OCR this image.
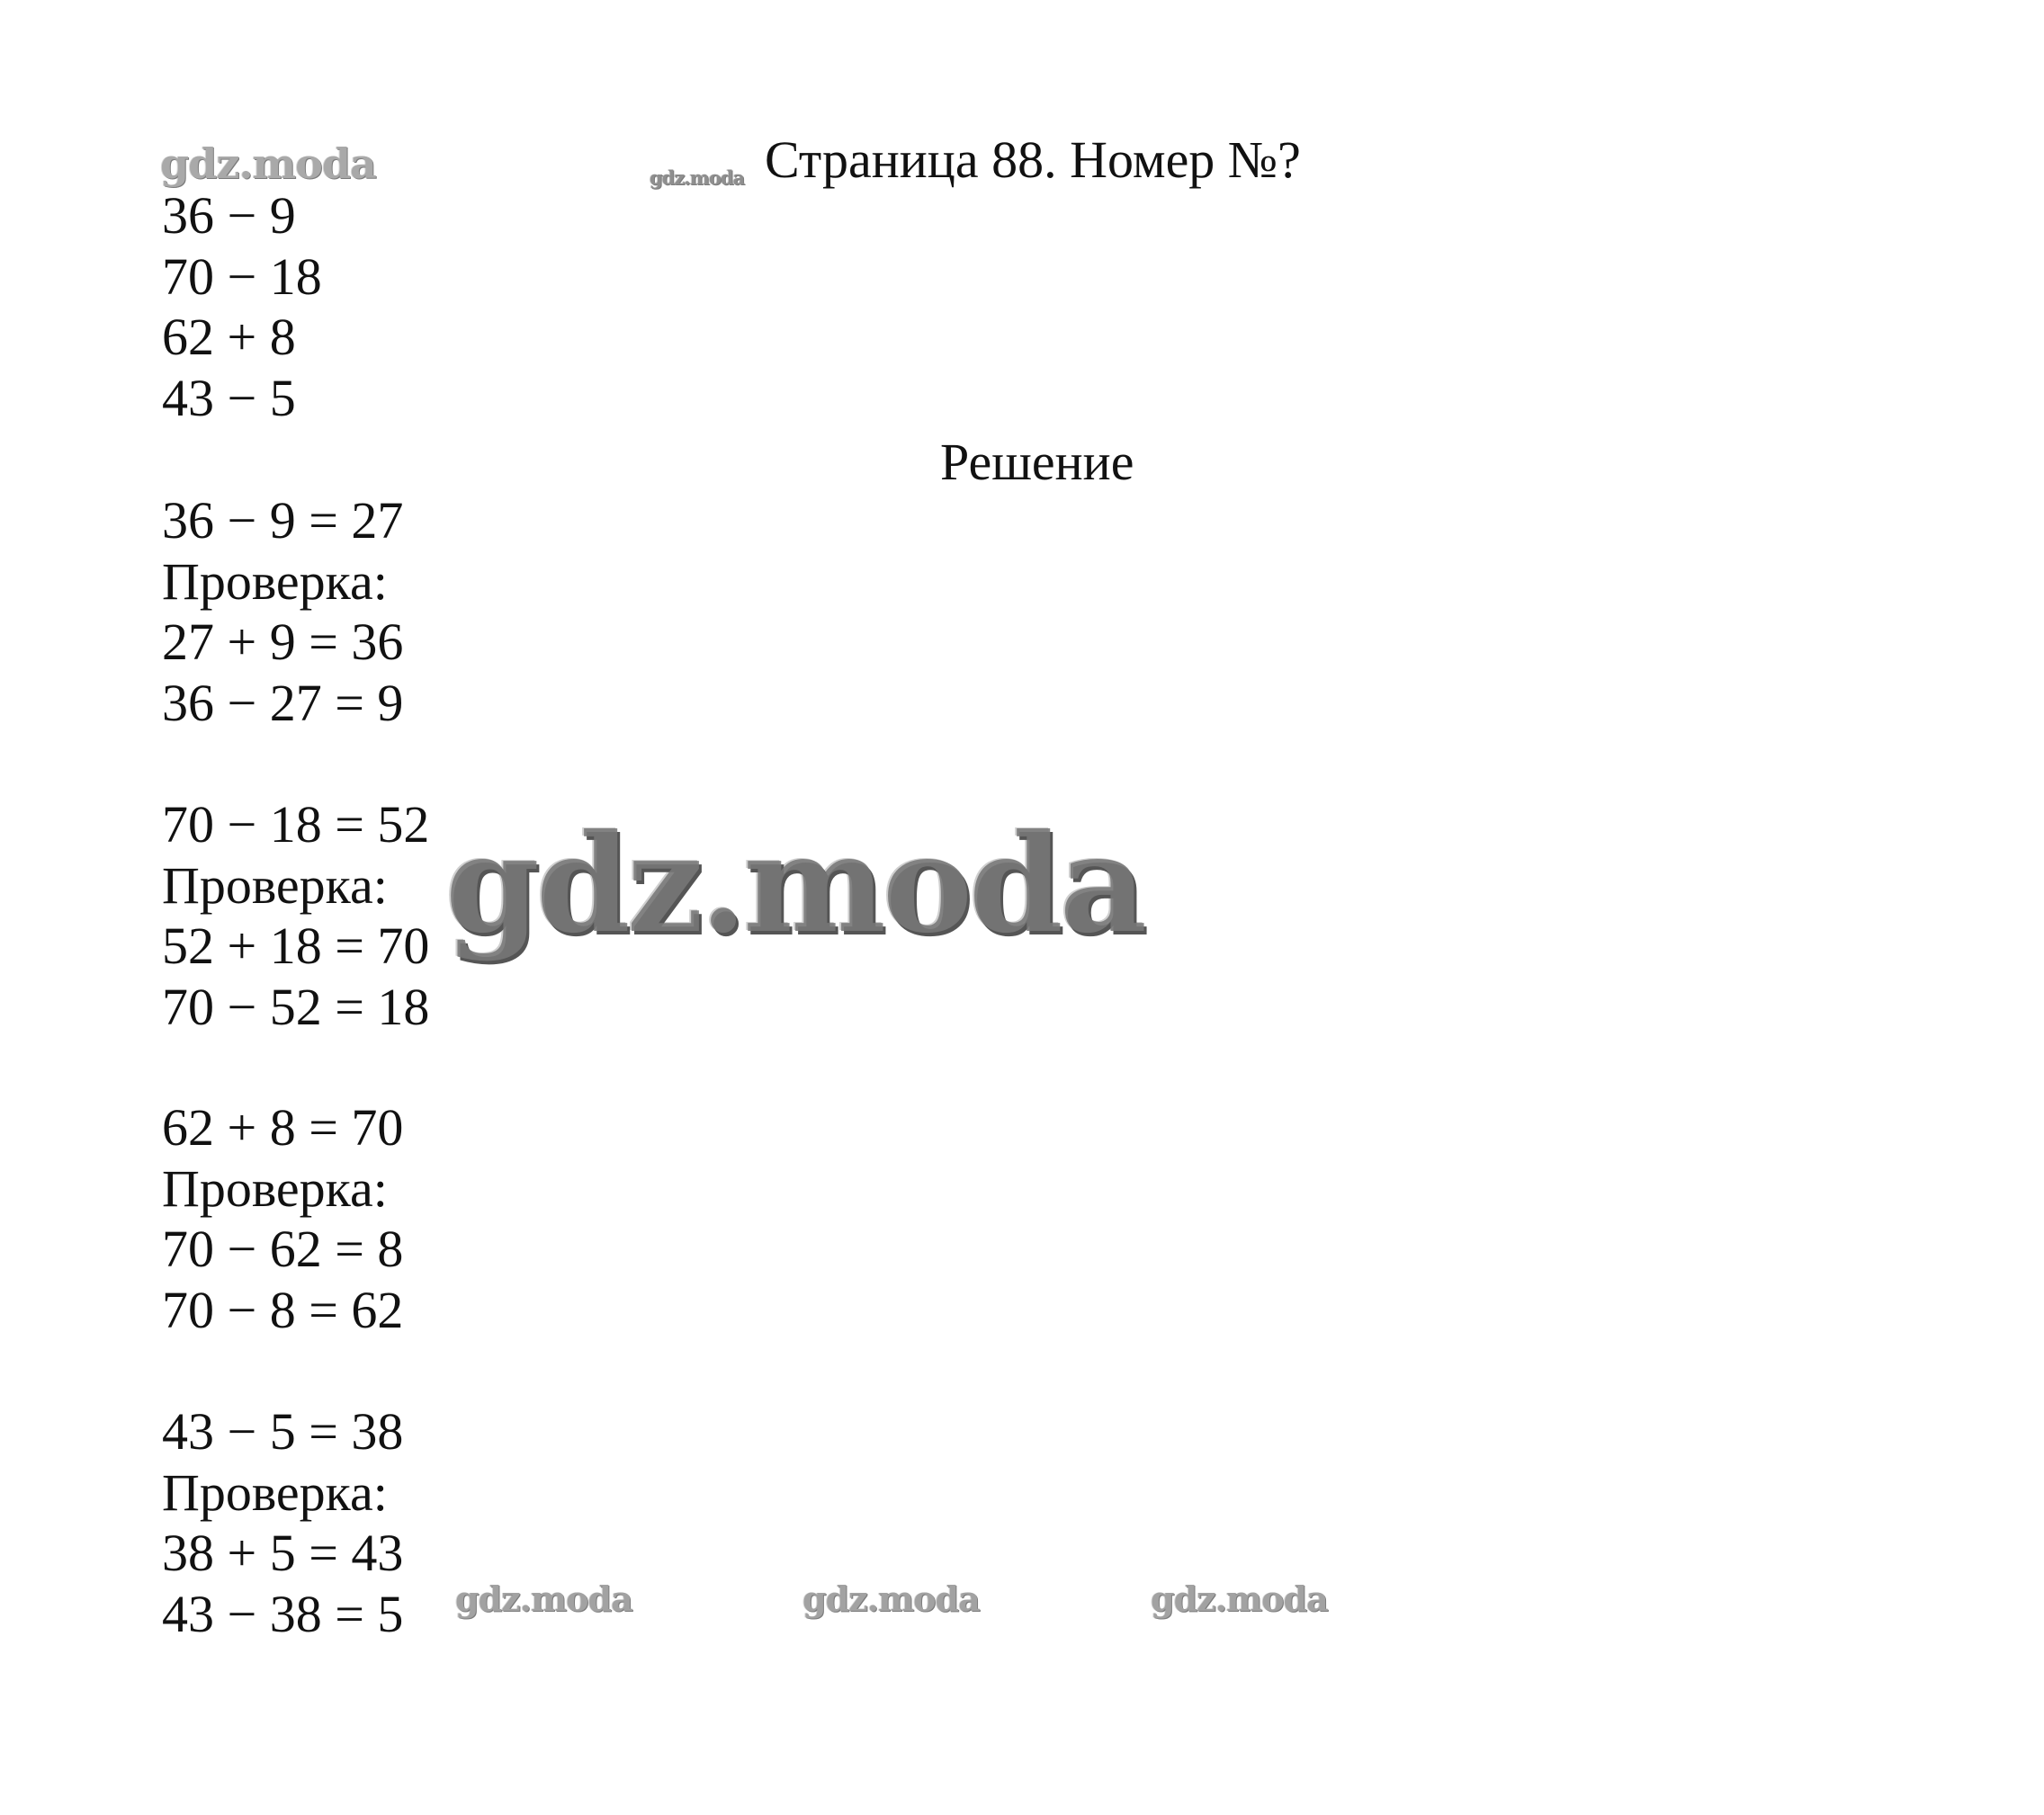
gdz.moda	gdz.moda Страница 88. Номер №?
36 − 9
70 − 18
62 + 8
43 − 5
Решение
36 − 9 = 27
Проверка:
27 + 9 = 36
36 − 27 = 9
70 − 18 = 52
Проверка:
52 + 18 = 70
70 − 52 = 18
62 + 8 = 70
Проверка:
70 − 62 = 8
70 − 8 = 62
43 − 5 = 38
Проверка:
38 + 5 = 43
43 − 38 = 5
gdz.moda
gdz.moda	gdz.moda	gdz.moda
